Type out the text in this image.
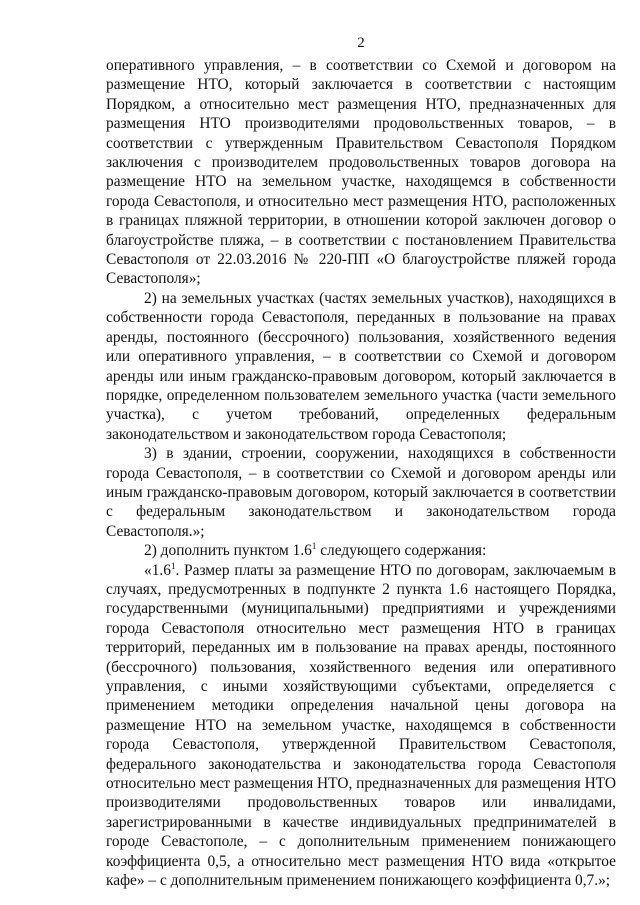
2

оперативного управления, – в соответствии со Схемой и договором на размещение НТО, который заключается в соответствии с настоящим Порядком, а относительно мест размещения НТО, предназначенных для размещения НТО производителями продовольственных товаров, – в соответствии с утвержденным Правительством Севастополя Порядком заключения с производителем продовольственных товаров договора на размещение НТО на земельном участке, находящемся в собственности города Севастополя, и относительно мест размещения НТО, расположенных в границах пляжной территории, в отношении которой заключен договор о благоустройстве пляжа, – в соответствии с постановлением Правительства Севастополя от 22.03.2016 № 220-ПП «О благоустройстве пляжей города Севастополя»;

2) на земельных участках (частях земельных участков), находящихся в собственности города Севастополя, переданных в пользование на правах аренды, постоянного (бессрочного) пользования, хозяйственного ведения или оперативного управления, – в соответствии со Схемой и договором аренды или иным гражданско-правовым договором, который заключается в порядке, определенном пользователем земельного участка (части земельного участка), с учетом требований, определенных федеральным законодательством и законодательством города Севастополя;

3) в здании, строении, сооружении, находящихся в собственности города Севастополя, – в соответствии со Схемой и договором аренды или иным гражданско-правовым договором, который заключается в соответствии с федеральным законодательством и законодательством города Севастополя.»;

2) дополнить пунктом $1.6^1$ следующего содержания:

«$1.6^1$. Размер платы за размещение НТО по договорам, заключаемым в случаях, предусмотренных в подпункте 2 пункта 1.6 настоящего Порядка, государственными (муниципальными) предприятиями и учреждениями города Севастополя относительно мест размещения НТО в границах территорий, переданных им в пользование на правах аренды, постоянного (бессрочного) пользования, хозяйственного ведения или оперативного управления, с иными хозяйствующими субъектами, определяется с применением методики определения начальной цены договора на размещение НТО на земельном участке, находящемся в собственности города Севастополя, утвержденной Правительством Севастополя, федерального законодательства и законодательства города Севастополя относительно мест размещения НТО, предназначенных для размещения НТО производителями продовольственных товаров или инвалидами, зарегистрированными в качестве индивидуальных предпринимателей в городе Севастополе, – с дополнительным применением понижающего коэффициента 0,5, а относительно мест размещения НТО вида «открытое кафе» – с дополнительным применением понижающего коэффициента 0,7.»;
